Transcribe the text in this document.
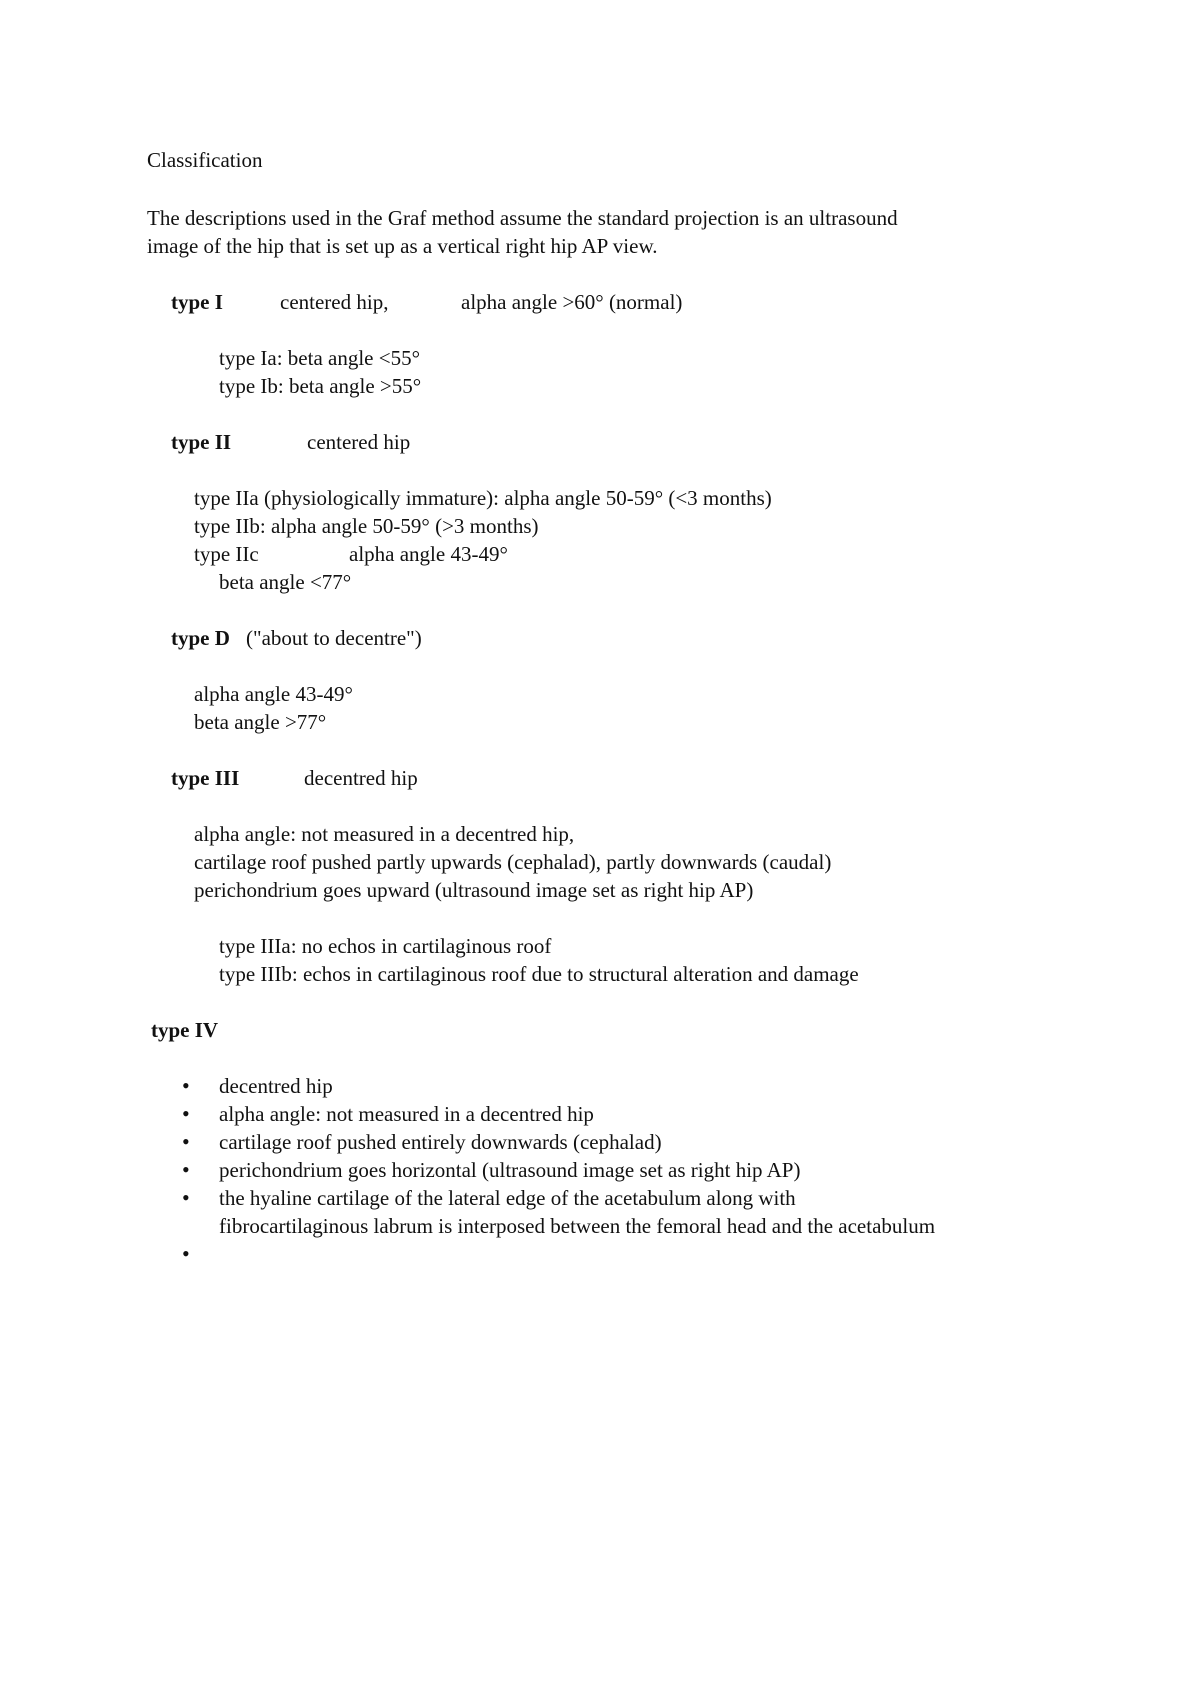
Classification
The descriptions used in the Graf method assume the standard projection is an ultrasound
image of the hip that is set up as a vertical right hip AP view.
type I	centered hip,	alpha angle >60° (normal)
type Ia: beta angle <55°
type Ib: beta angle >55°
type II	centered hip
type IIa (physiologically immature): alpha angle 50-59° (<3 months)
type IIb: alpha angle 50-59° (>3 months)
type IIc	alpha angle 43-49°
beta angle <77°
type D ("about to decentre")
alpha angle 43-49°
beta angle >77°
type III	decentred hip
alpha angle: not measured in a decentred hip,
cartilage roof pushed partly upwards (cephalad), partly downwards (caudal)
perichondrium goes upward (ultrasound image set as right hip AP)
type IIIa: no echos in cartilaginous roof
type IIIb: echos in cartilaginous roof due to structural alteration and damage
type IV
• decentred hip
• alpha angle: not measured in a decentred hip
• cartilage roof pushed entirely downwards (cephalad)
• perichondrium goes horizontal (ultrasound image set as right hip AP)
• the hyaline cartilage of the lateral edge of the acetabulum along with
fibrocartilaginous labrum is interposed between the femoral head and the acetabulum
•
